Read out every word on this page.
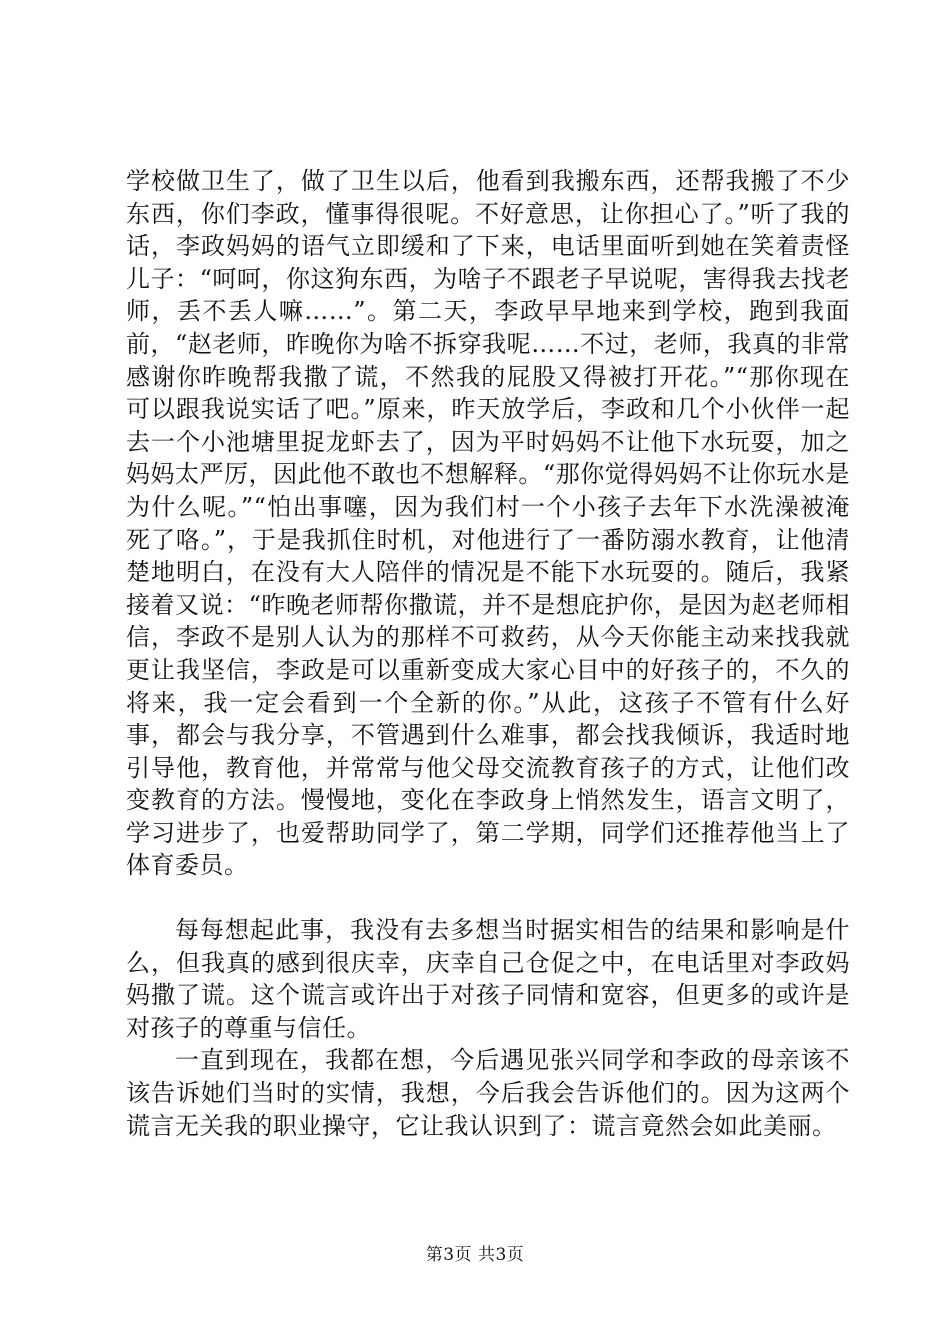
学校做卫生了，做了卫生以后，他看到我搬东西，还帮我搬了不少东西，你们李政，懂事得很呢。不好意思，让你担心了。”听了我的话，李政妈妈的语气立即缓和了下来，电话里面听到她在笑着责怪儿子：“呵呵，你这狗东西，为啥子不跟老子早说呢，害得我去找老师，丢不丢人嘛……”。第二天，李政早早地来到学校，跑到我面前，“赵老师，昨晚你为啥不拆穿我呢……不过，老师，我真的非常感谢你昨晚帮我撒了谎，不然我的屁股又得被打开花。”“那你现在可以跟我说实话了吧。”原来，昨天放学后，李政和几个小伙伴一起去一个小池塘里捉龙虾去了，因为平时妈妈不让他下水玩耍，加之妈妈太严厉，因此他不敢也不想解释。“那你觉得妈妈不让你玩水是为什么呢。”“怕出事噻，因为我们村一个小孩子去年下水洗澡被淹死了咯。”，于是我抓住时机，对他进行了一番防溺水教育，让他清楚地明白，在没有大人陪伴的情况是不能下水玩耍的。随后，我紧接着又说：“昨晚老师帮你撒谎，并不是想庇护你，是因为赵老师相信，李政不是别人认为的那样不可救药，从今天你能主动来找我就更让我坚信，李政是可以重新变成大家心目中的好孩子的，不久的将来，我一定会看到一个全新的你。”从此，这孩子不管有什么好事，都会与我分享，不管遇到什么难事，都会找我倾诉，我适时地引导他，教育他，并常常与他父母交流教育孩子的方式，让他们改变教育的方法。慢慢地，变化在李政身上悄然发生，语言文明了，学习进步了，也爱帮助同学了，第二学期，同学们还推荐他当上了体育委员。

每每想起此事，我没有去多想当时据实相告的结果和影响是什么，但我真的感到很庆幸，庆幸自己仓促之中，在电话里对李政妈妈撒了谎。这个谎言或许出于对孩子同情和宽容，但更多的或许是对孩子的尊重与信任。

一直到现在，我都在想，今后遇见张兴同学和李政的母亲该不该告诉她们当时的实情，我想，今后我会告诉他们的。因为这两个谎言无关我的职业操守，它让我认识到了：谎言竟然会如此美丽。

第3页 共3页
